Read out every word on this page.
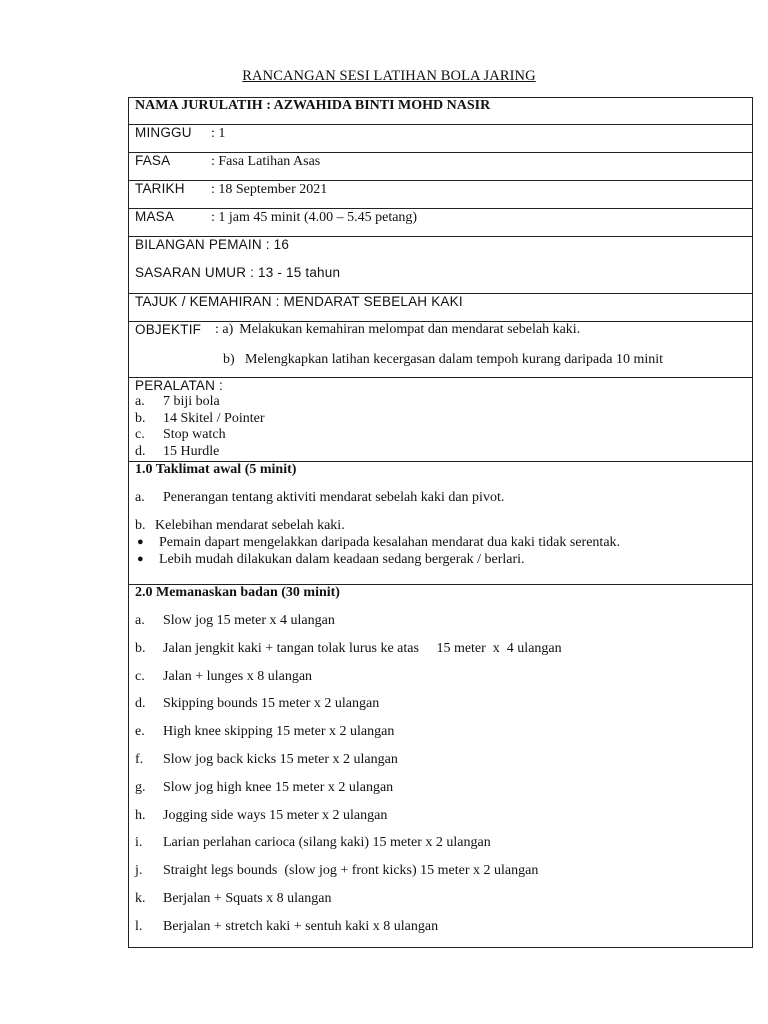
RANCANGAN SESI LATIHAN BOLA JARING
NAMA JURULATIH : AZWAHIDA BINTI MOHD NASIR
MINGGU : 1
FASA	: Fasa Latihan Asas
TARIKH : 18 September 2021
MASA	: 1 jam 45 minit (4.00 – 5.45 petang)

BILANGAN PEMAIN : 16
SASARAN UMUR : 13 - 15 tahun

TAJUK / KEMAHIRAN : MENDARAT SEBELAH KAKI

OBJEKTIF : a) Melakukan kemahiran melompat dan mendarat sebelah kaki.
b) Melengkapkan latihan kecergasan dalam tempoh kurang daripada 10 minit

PERALATAN :
a.	7 biji bola
b.	14 Skitel / Pointer
c.	Stop watch
d.	15 Hurdle

1.0 Taklimat awal (5 minit)
a.	Penerangan tentang aktiviti mendarat sebelah kaki dan pivot.
b. Kelebihan mendarat sebelah kaki.
●	Pemain dapart mengelakkan daripada kesalahan mendarat dua kaki tidak serentak.
●	Lebih mudah dilakukan dalam keadaan sedang bergerak / berlari.

2.0 Memanaskan badan (30 minit)
a.	Slow jog 15 meter x 4 ulangan
b.	Jalan jengkit kaki + tangan tolak lurus ke atas     15 meter  x  4 ulangan
c.	Jalan + lunges x 8 ulangan
d.	Skipping bounds 15 meter x 2 ulangan
e.	High knee skipping 15 meter x 2 ulangan
f.	Slow jog back kicks 15 meter x 2 ulangan
g.	Slow jog high knee 15 meter x 2 ulangan
h.	Jogging side ways 15 meter x 2 ulangan
i.	Larian perlahan carioca (silang kaki) 15 meter x 2 ulangan
j.	Straight legs bounds  (slow jog + front kicks) 15 meter x 2 ulangan
k.	Berjalan + Squats x 8 ulangan
l.	Berjalan + stretch kaki + sentuh kaki x 8 ulangan
